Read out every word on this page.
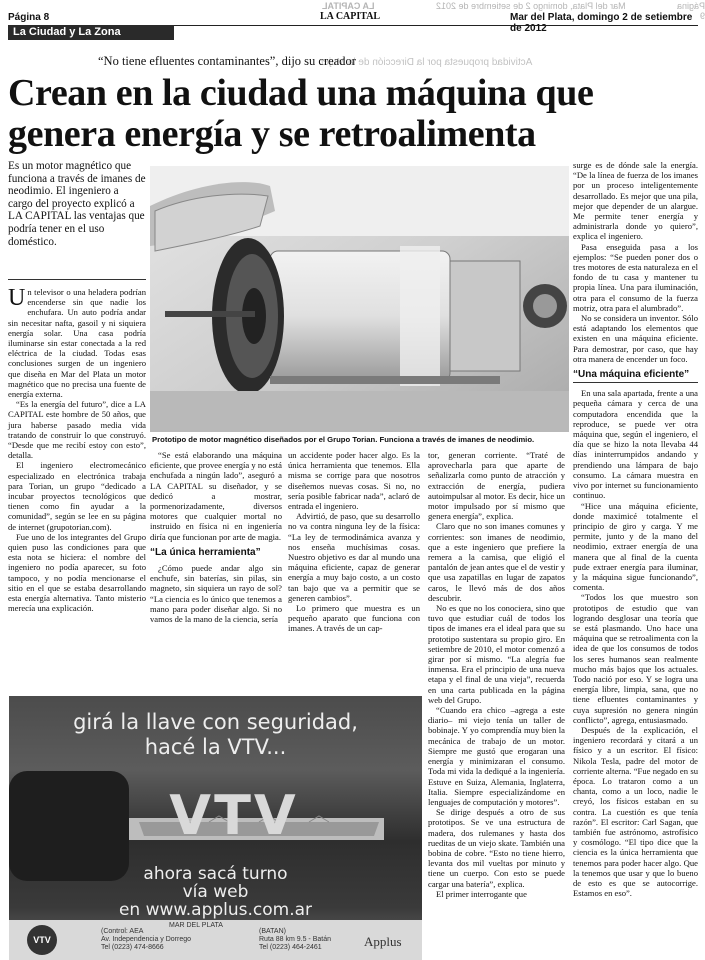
Página 9
LA CAPITAL	Mar del Plata, domingo 2 de setiembre de 2012
Actividad propuesta por la Dirección de la Mujer
Página 8	LA CAPITAL	Mar del Plata, domingo 2 de setiembre de 2012
La Ciudad y La Zona
“No tiene efluentes contaminantes”, dijo su creador
Crean en la ciudad una máquina que
genera energía y se retroalimenta
Es un motor magnético que funciona a través de imanes de neodimio. El ingeniero a cargo del proyecto explicó a LA CAPITAL las ventajas que podría tener en el uso doméstico.
Prototipo de motor magnético diseñados por el Grupo Torian. Funciona a través de imanes de neodimio.

Un televisor o una heladera podrían encenderse sin que nadie los enchufara. Un auto podría andar sin necesitar nafta, gasoil y ni siquiera energía solar. Una casa podría iluminarse sin estar conectada a la red eléctrica de la ciudad. Todas esas conclusiones surgen de un ingeniero que diseña en Mar del Plata un motor magnético que no precisa una fuente de energía externa.

“Es la energía del futuro”, dice a LA CAPITAL este hombre de 50 años, que jura haberse pasado media vida tratando de construir lo que construyó. “Desde que me recibí estoy con esto”, detalla.

El ingeniero electromecánico especializado en electrónica trabaja para Torian, un grupo “dedicado a incubar proyectos tecnológicos que tienen como fin ayudar a la comunidad”, según se lee en su página de internet (grupotorian.com).

Fue uno de los integrantes del Grupo quien puso las condiciones para que esta nota se hiciera: el nombre del ingeniero no podía aparecer, su foto tampoco, y no podía mencionarse el sitio en el que se estaba desarrollando esta energía alternativa. Tanto misterio merecía una explicación.

“Se está elaborando una máquina eficiente, que provee energía y no está enchufada a ningún lado”, aseguró a LA CAPITAL su diseñador, y se dedicó a mostrar, pormenorizadamente, diversos motores que cualquier mortal no instruido en física ni en ingeniería diría que funcionan por arte de magia.

“La única herramienta”

¿Cómo puede andar algo sin enchufe, sin baterías, sin pilas, sin magneto, sin siquiera un rayo de sol? “La ciencia es lo único que tenemos a mano para poder diseñar algo. Si no vamos de la mano de la ciencia, sería

un accidente poder hacer algo. Es la única herramienta que tenemos. Ella misma se corrige para que nosotros diseñemos nuevas cosas. Si no, no sería posible fabricar nada”, aclaró de entrada el ingeniero.

Advirtió, de paso, que su desarrollo no va contra ninguna ley de la física: “La ley de termodinámica avanza y nos enseña muchísimas cosas. Nuestro objetivo es dar al mundo una máquina eficiente, capaz de generar energía a muy bajo costo, a un costo tan bajo que va a permitir que se generen cambios”.

Lo primero que muestra es un pequeño aparato que funciona con imanes. A través de un cap-

tor, generan corriente. “Traté de aprovecharla para que aparte de señalizarla como punto de atracción y extracción de energía, pudiera autoimpulsar al motor. Es decir, hice un motor impulsado por sí mismo que genera energía”, explica.

Claro que no son imanes comunes y corrientes: son imanes de neodimio, que a este ingeniero que prefiere la remera a la camisa, que eligió el pantalón de jean antes que el de vestir y que usa zapatillas en lugar de zapatos caros, le llevó más de dos años descubrir.

No es que no los conociera, sino que tuvo que estudiar cuál de todos los tipos de imanes era el ideal para que su prototipo sustentara su propio giro. En setiembre de 2010, el motor comenzó a girar por sí mismo. “La alegría fue inmensa. Era el principio de una nueva etapa y el final de una vieja”, recuerda en una carta publicada en la página web del Grupo.

“Cuando era chico –agrega a este diario– mi viejo tenía un taller de bobinaje. Y yo comprendía muy bien la mecánica de trabajo de un motor. Siempre me gustó que erogaran una energía y minimizaran el consumo. Toda mi vida la dediqué a la ingeniería. Estuve en Suiza, Alemania, Inglaterra, Italia. Siempre especializándome en lenguajes de computación y motores”.

Se dirige después a otro de sus prototipos. Se ve una estructura de madera, dos rulemanes y hasta dos rueditas de un viejo skate. También una bobina de cobre. “Esto no tiene hierro, levanta dos mil vueltas por minuto y tiene un cuerpo. Con esto se puede cargar una batería”, explica.

El primer interrogante que

surge es de dónde sale la energía. “De la línea de fuerza de los imanes por un proceso inteligentemente desarrollado. Es mejor que una pila, mejor que depender de un alargue. Me permite tener energía y administrarla donde yo quiero”, explica el ingeniero.

Pasa enseguida pasa a los ejemplos: “Se pueden poner dos o tres motores de esta naturaleza en el fondo de tu casa y mantener tu propia línea. Una para iluminación, otra para el consumo de la fuerza motriz, otra para el alumbrado”.

No se considera un inventor. Sólo está adaptando los elementos que existen en una máquina eficiente. Para demostrar, por caso, que hay otra manera de encender un foco.

“Una máquina eficiente”

En una sala apartada, frente a una pequeña cámara y cerca de una computadora encendida que la reproduce, se puede ver otra máquina que, según el ingeniero, el día que se hizo la nota llevaba 44 días ininterrumpidos andando y prendiendo una lámpara de bajo consumo. La cámara muestra en vivo por internet su funcionamiento continuo.

“Hice una máquina eficiente, donde maximicé totalmente el principio de giro y carga. Y me permite, junto y de la mano del neodimio, extraer energía de una manera que al final de la cuenta pude extraer energía para iluminar, y la máquina sigue funcionando”, comenta.

“Todos los que muestro son prototipos de estudio que van logrando desglosar una teoría que se está plasmando. Uno hace una máquina que se retroalimenta con la idea de que los consumos de todos los seres humanos sean realmente mucho más bajos que los actuales. Todo nació por eso. Y se logra una energía libre, limpia, sana, que no tiene efluentes contaminantes y cuya supresión no genera ningún conflicto”, agrega, entusiasmado.

Después de la explicación, el ingeniero recordará y citará a un físico y a un escritor. El físico: Nikola Tesla, padre del motor de corriente alterna. “Fue negado en su época. Lo trataron como a un chanta, como a un loco, nadie le creyó, los físicos estaban en su contra. La cuestión es que tenía razón”. El escritor: Carl Sagan, que también fue astrónomo, astrofísico y cosmólogo. “El tipo dice que la ciencia es la única herramienta que tenemos para poder hacer algo. Que la tenemos que usar y que lo bueno de esto es que se autocorrige. Estamos en eso”.

girá la llave con seguridad,
hacé la VTV...
VTV
ahora sacá turno
vía web
en www.applus.com.ar
VTV
MAR DEL PLATA
(Control: AEA
Av. Independencia y Dorrego
Tel (0223) 474-8666
(BATAN)
Ruta 88 km 9.5 - Batán
Tel (0223) 464-2461	Applus
